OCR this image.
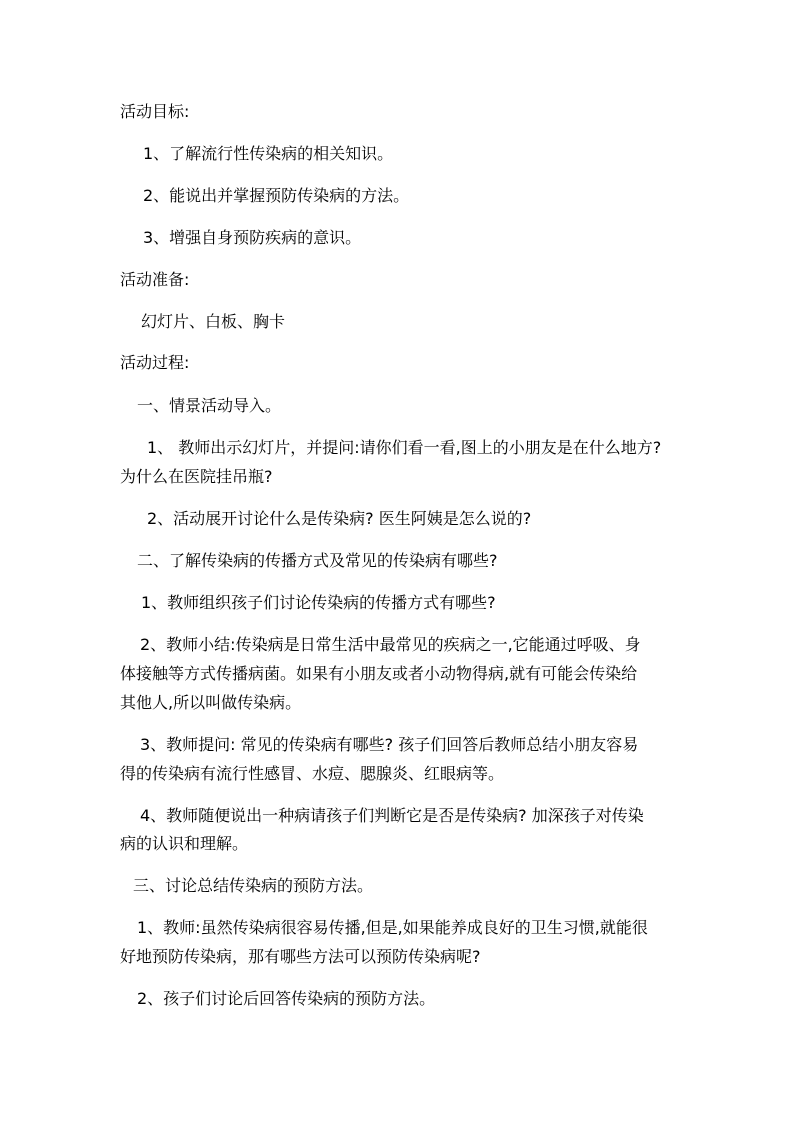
活动目标:
1、了解流行性传染病的相关知识。
2、能说出并掌握预防传染病的方法。
3、增强自身预防疾病的意识。
活动准备:
幻灯片、白板、胸卡
活动过程:
一、情景活动导入。
1、 教师出示幻灯片，并提问:请你们看一看,图上的小朋友是在什么地方?
为什么在医院挂吊瓶?
2、活动展开讨论什么是传染病? 医生阿姨是怎么说的?
二、了解传染病的传播方式及常见的传染病有哪些?
1、教师组织孩子们讨论传染病的传播方式有哪些?
2、教师小结:传染病是日常生活中最常见的疾病之一,它能通过呼吸、身
体接触等方式传播病菌。如果有小朋友或者小动物得病,就有可能会传染给
其他人,所以叫做传染病。
3、教师提问: 常见的传染病有哪些? 孩子们回答后教师总结小朋友容易
得的传染病有流行性感冒、水痘、腮腺炎、红眼病等。
4、教师随便说出一种病请孩子们判断它是否是传染病? 加深孩子对传染
病的认识和理解。
三、讨论总结传染病的预防方法。
1、教师:虽然传染病很容易传播,但是,如果能养成良好的卫生习惯,就能很
好地预防传染病，那有哪些方法可以预防传染病呢?
2、孩子们讨论后回答传染病的预防方法。
